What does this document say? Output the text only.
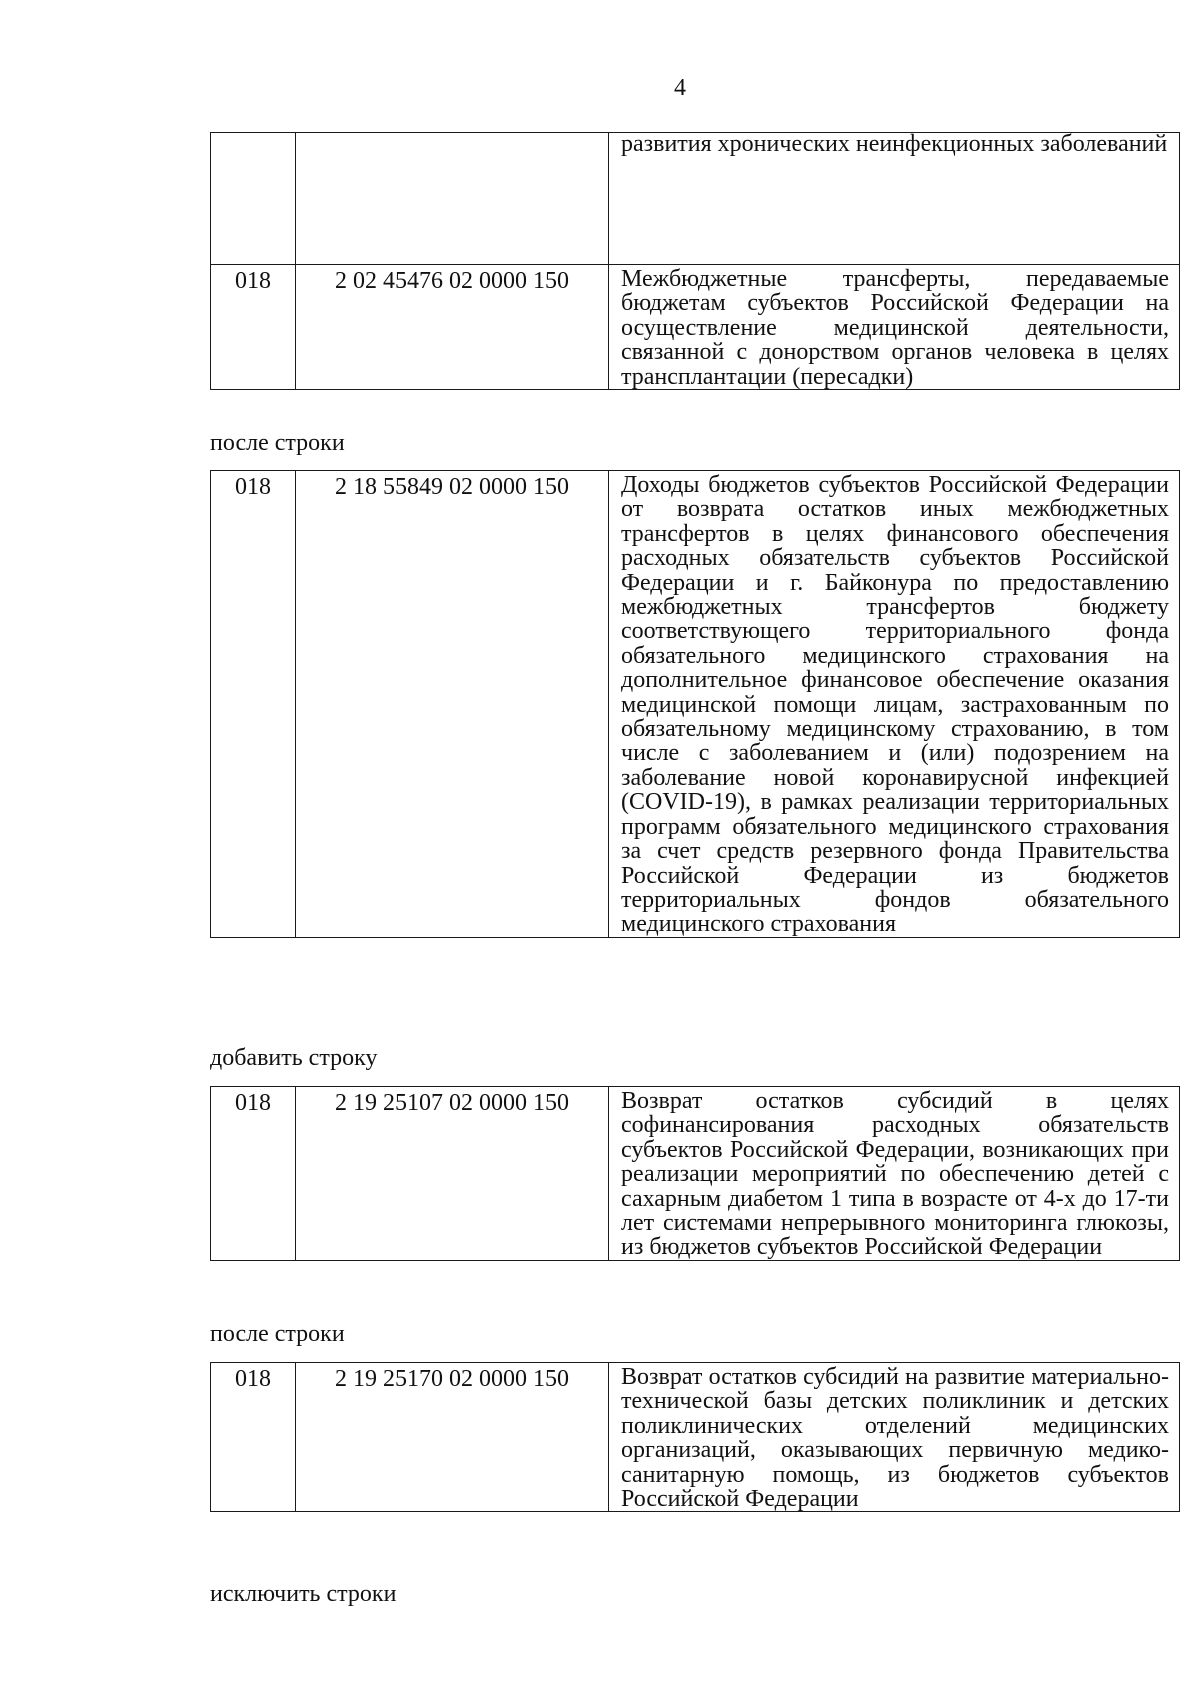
4

		развития хронических неинфекционных заболеваний

018	2 02 45476 02 0000 150	Межбюджетные трансферты, передаваемые бюджетам субъектов Российской Федерации на осуществление медицинской деятельности, связанной с донорством органов человека в целях трансплантации (пересадки)
после строки
018	2 18 55849 02 0000 150	Доходы бюджетов субъектов Российской Федерации от возврата остатков иных межбюджетных трансфертов в целях финансового обеспечения расходных обязательств субъектов Российской Федерации и г. Байконура по предоставлению межбюджетных трансфертов бюджету соответствующего территориального фонда обязательного медицинского страхования на дополнительное финансовое обеспечение оказания медицинской помощи лицам, застрахованным по обязательному медицинскому страхованию, в том числе с заболеванием и (или) подозрением на заболевание новой коронавирусной инфекцией (COVID-19), в рамках реализации территориальных программ обязательного медицинского страхования за счет средств резервного фонда Правительства Российской Федерации из бюджетов территориальных фондов обязательного медицинского страхования
добавить строку
018	2 19 25107 02 0000 150	Возврат остатков субсидий в целях софинансирования расходных обязательств субъектов Российской Федерации, возникающих при реализации мероприятий по обеспечению детей с сахарным диабетом 1 типа в возрасте от 4-х до 17-ти лет системами непрерывного мониторинга глюкозы, из бюджетов субъектов Российской Федерации
после строки
018	2 19 25170 02 0000 150	Возврат остатков субсидий на развитие материально-технической базы детских поликлиник и детских поликлинических отделений медицинских организаций, оказывающих первичную медико-санитарную помощь, из бюджетов субъектов Российской Федерации
исключить строки
